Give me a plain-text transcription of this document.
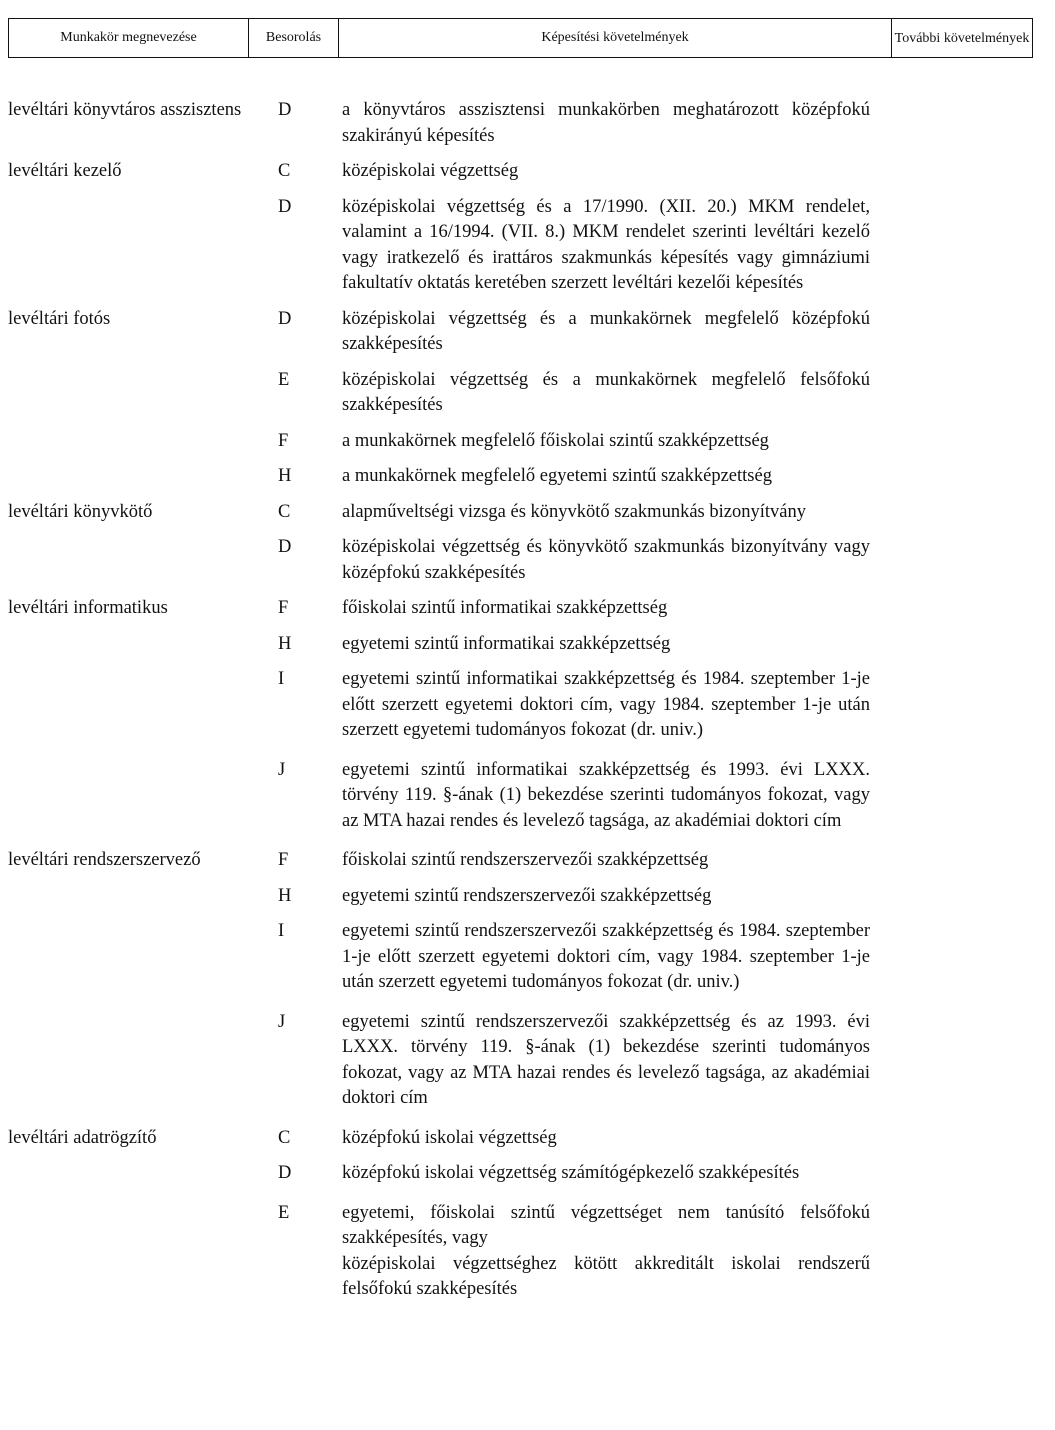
Munkakör megnevezése	Besorolás	Képesítési követelmények	További követelmények
levéltári könyvtáros asszisztens	D	a könyvtáros asszisztensi munkakörben meghatározott középfokú szakirányú képesítés
levéltári kezelő	C	középiskolai végzettség
D	középiskolai végzettség és a 17/1990. (XII. 20.) MKM rendelet, valamint a 16/1994. (VII. 8.) MKM rendelet szerinti levéltári kezelő vagy iratkezelő és irattáros szakmunkás képesítés vagy gimnáziumi fakultatív oktatás keretében szerzett levéltári kezelői képesítés
levéltári fotós	D	középiskolai végzettség és a munkakörnek megfelelő középfokú szakképesítés
E	középiskolai végzettség és a munkakörnek megfelelő felsőfokú szakképesítés
F	a munkakörnek megfelelő főiskolai szintű szakképzettség
H	a munkakörnek megfelelő egyetemi szintű szakképzettség
levéltári könyvkötő	C	alapműveltségi vizsga és könyvkötő szakmunkás bizonyítvány
D	középiskolai végzettség és könyvkötő szakmunkás bizonyítvány vagy középfokú szakképesítés
levéltári informatikus	F	főiskolai szintű informatikai szakképzettség
H	egyetemi szintű informatikai szakképzettség
I	egyetemi szintű informatikai szakképzettség és 1984. szeptember 1-je előtt szerzett egyetemi doktori cím, vagy 1984. szeptember 1-je után szerzett egyetemi tudományos fokozat (dr. univ.)
J	egyetemi szintű informatikai szakképzettség és 1993. évi LXXX. törvény 119. §-ának (1) bekezdése szerinti tudományos fokozat, vagy az MTA hazai rendes és levelező tagsága, az akadémiai doktori cím
levéltári rendszerszervező	F	főiskolai szintű rendszerszervezői szakképzettség
H	egyetemi szintű rendszerszervezői szakképzettség
I	egyetemi szintű rendszerszervezői szakképzettség és 1984. szeptember 1-je előtt szerzett egyetemi doktori cím, vagy 1984. szeptember 1-je után szerzett egyetemi tudományos fokozat (dr. univ.)
J	egyetemi szintű rendszerszervezői szakképzettség és az 1993. évi LXXX. törvény 119. §-ának (1) bekezdése szerinti tudományos fokozat, vagy az MTA hazai rendes és levelező tagsága, az akadémiai doktori cím
levéltári adatrögzítő	C	középfokú iskolai végzettség
D	középfokú iskolai végzettség számítógépkezelő szakképesítés
E	egyetemi, főiskolai szintű végzettséget nem tanúsító felsőfokú szakképesítés, vagy
középiskolai végzettséghez kötött akkreditált iskolai rendszerű felsőfokú szakképesítés
